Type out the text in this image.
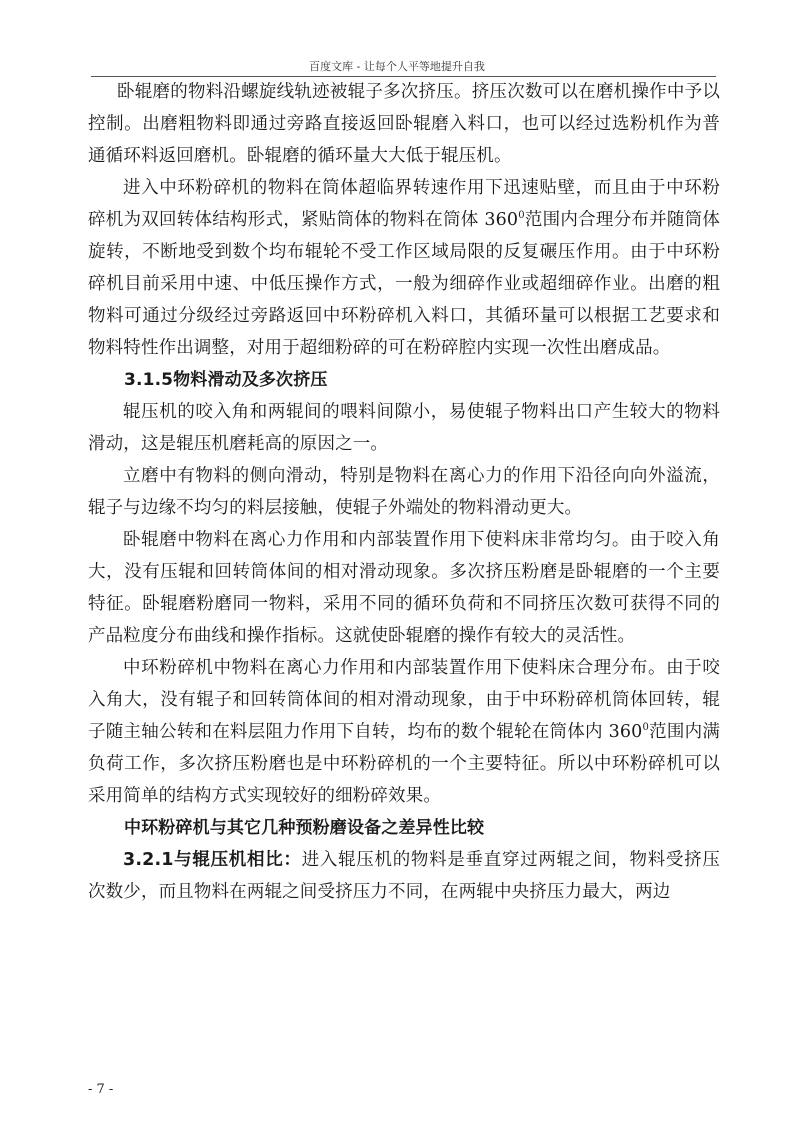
百度文库 - 让每个人平等地提升自我

卧辊磨的物料沿螺旋线轨迹被辊子多次挤压。挤压次数可以在磨机操作中予以控制。出磨粗物料即通过旁路直接返回卧辊磨入料口，也可以经过选粉机作为普通循环料返回磨机。卧辊磨的循环量大大低于辊压机。

进入中环粉碎机的物料在筒体超临界转速作用下迅速贴壁，而且由于中环粉碎机为双回转体结构形式，紧贴筒体的物料在筒体 $360^0$范围内合理分布并随筒体旋转，不断地受到数个均布辊轮不受工作区域局限的反复碾压作用。由于中环粉碎机目前采用中速、中低压操作方式，一般为细碎作业或超细碎作业。出磨的粗物料可通过分级经过旁路返回中环粉碎机入料口，其循环量可以根据工艺要求和物料特性作出调整，对用于超细粉碎的可在粉碎腔内实现一次性出磨成品。

3.1.5物料滑动及多次挤压

辊压机的咬入角和两辊间的喂料间隙小，易使辊子物料出口产生较大的物料滑动，这是辊压机磨耗高的原因之一。

立磨中有物料的侧向滑动，特别是物料在离心力的作用下沿径向向外溢流，辊子与边缘不均匀的料层接触，使辊子外端处的物料滑动更大。

卧辊磨中物料在离心力作用和内部装置作用下使料床非常均匀。由于咬入角大，没有压辊和回转筒体间的相对滑动现象。多次挤压粉磨是卧辊磨的一个主要特征。卧辊磨粉磨同一物料，采用不同的循环负荷和不同挤压次数可获得不同的产品粒度分布曲线和操作指标。这就使卧辊磨的操作有较大的灵活性。

中环粉碎机中物料在离心力作用和内部装置作用下使料床合理分布。由于咬入角大，没有辊子和回转筒体间的相对滑动现象，由于中环粉碎机筒体回转，辊子随主轴公转和在料层阻力作用下自转，均布的数个辊轮在筒体内 $360^0$范围内满负荷工作，多次挤压粉磨也是中环粉碎机的一个主要特征。所以中环粉碎机可以采用简单的结构方式实现较好的细粉碎效果。

中环粉碎机与其它几种预粉磨设备之差异性比较

3.2.1与辊压机相比：进入辊压机的物料是垂直穿过两辊之间，物料受挤压次数少，而且物料在两辊之间受挤压力不同，在两辊中央挤压力最大，两边

- 7 -
